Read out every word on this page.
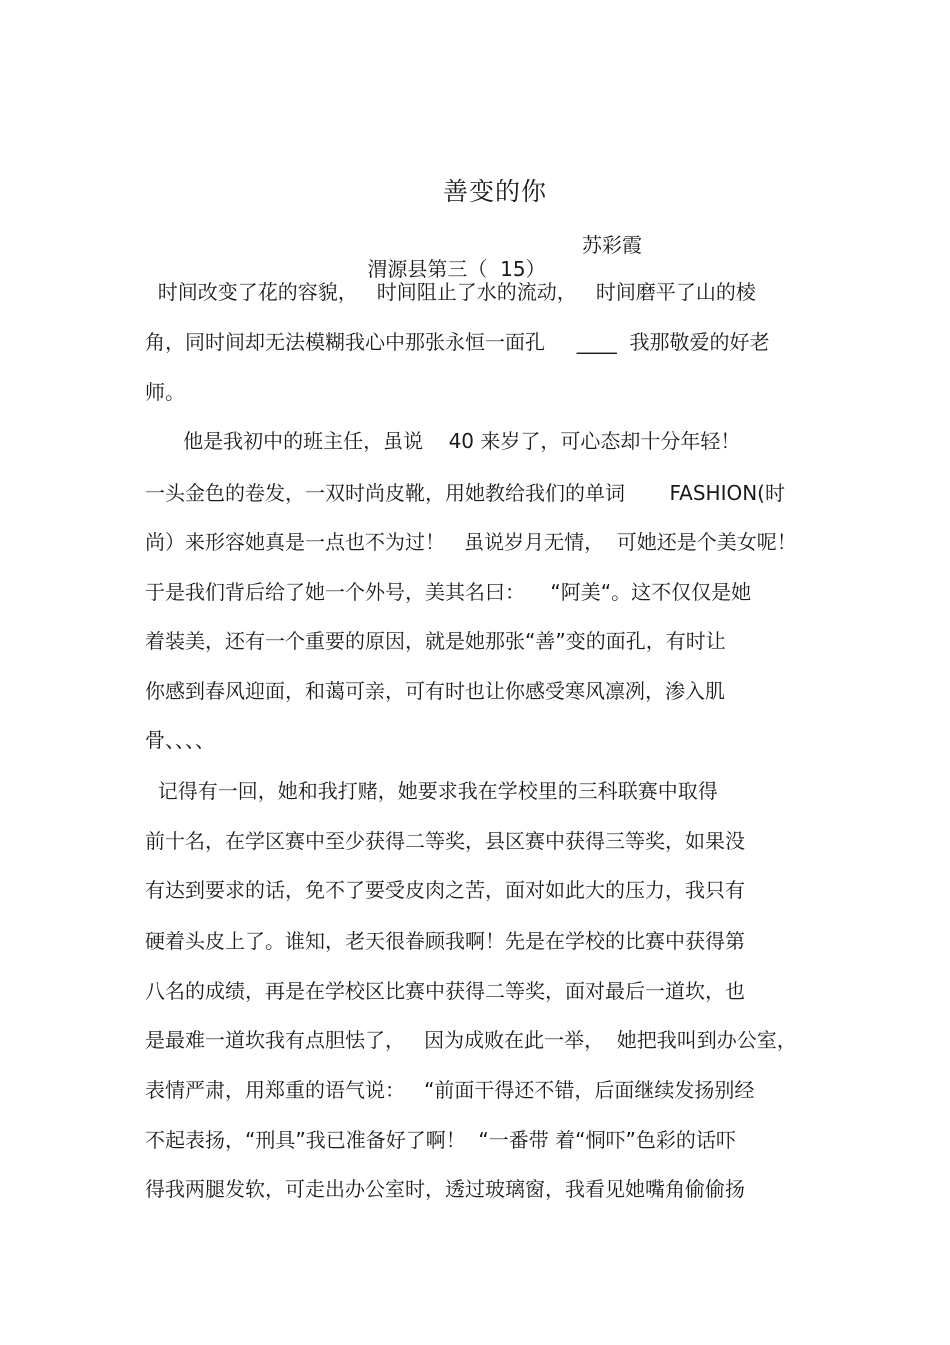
善变的你

渭源县第三（  15）

苏彩霞

时间改变了花的容貌，   时间阻止了水的流动，   时间磨平了山的棱
角，同时间却无法模糊我心中那张永恒一面孔     ____  我那敬爱的好老
师。
他是我初中的班主任，虽说    40 来岁了，可心态却十分年轻！
一头金色的卷发，一双时尚皮靴，用她教给我们的单词       FASHION(时
尚）来形容她真是一点也不为过！   虽说岁月无情，  可她还是个美女呢！
于是我们背后给了她一个外号，美其名曰：    “阿美“。这不仅仅是她
着装美，还有一个重要的原因，就是她那张“善”变的面孔，有时让
你感到春风迎面，和蔼可亲，可有时也让你感受寒风凛冽，渗入肌
骨、、、、
记得有一回，她和我打赌，她要求我在学校里的三科联赛中取得
前十名，在学区赛中至少获得二等奖，县区赛中获得三等奖，如果没
有达到要求的话，免不了要受皮肉之苦，面对如此大的压力，我只有
硬着头皮上了。谁知，老天很眷顾我啊！先是在学校的比赛中获得第
八名的成绩，再是在学校区比赛中获得二等奖，面对最后一道坎，也
是最难一道坎我有点胆怯了，   因为成败在此一举，  她把我叫到办公室，
表情严肃，用郑重的语气说：   “前面干得还不错，后面继续发扬别经
不起表扬，“刑具”我已准备好了啊！  “一番带 着“恫吓”色彩的话吓
得我两腿发软，可走出办公室时，透过玻璃窗，我看见她嘴角偷偷扬
